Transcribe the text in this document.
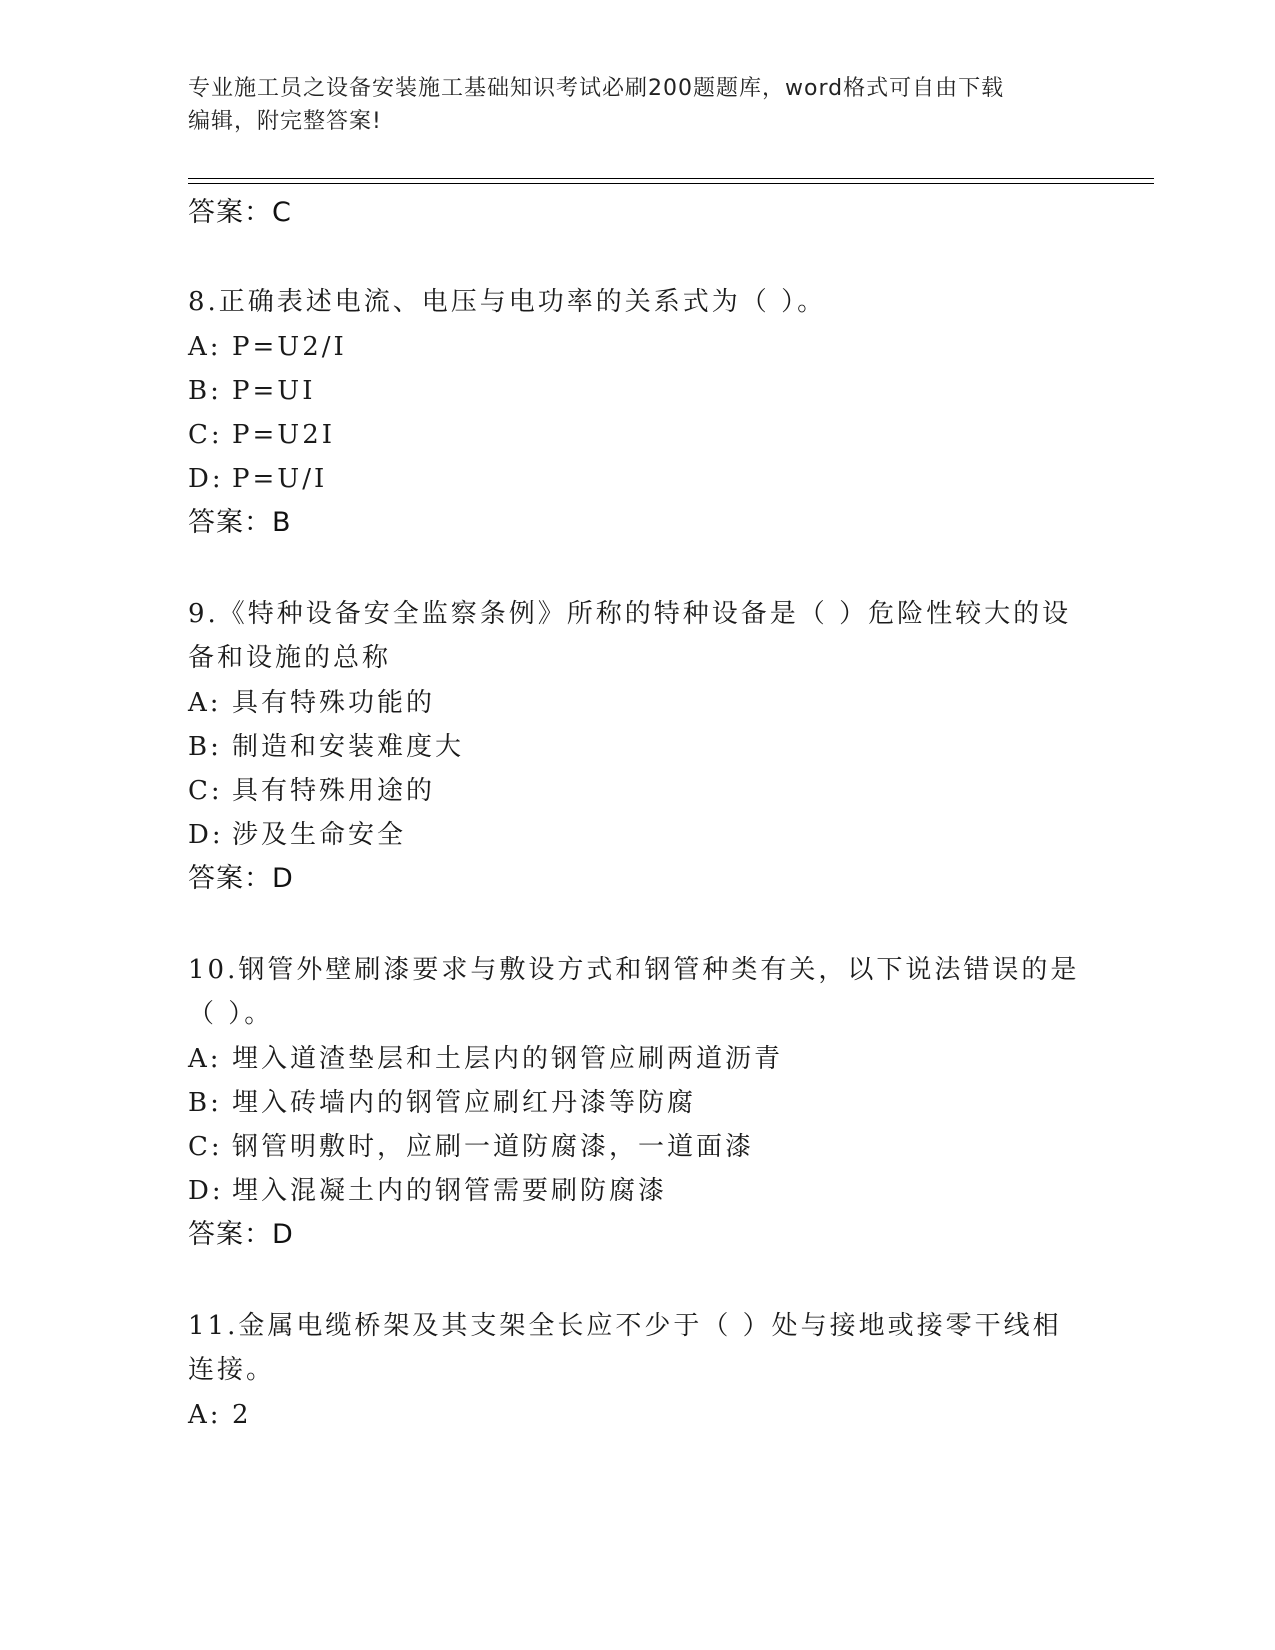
专业施工员之设备安装施工基础知识考试必刷200题题库，word格式可自由下载
编辑，附完整答案!
答案：C
8.正确表述电流、电压与电功率的关系式为（ ）。
A: P=U2/I
B: P=UI
C: P=U2I
D: P=U/I
答案：B
9.《特种设备安全监察条例》所称的特种设备是（ ）危险性较大的设
备和设施的总称
A: 具有特殊功能的
B: 制造和安装难度大
C: 具有特殊用途的
D: 涉及生命安全
答案：D
10.钢管外壁刷漆要求与敷设方式和钢管种类有关，以下说法错误的是
（ ）。
A: 埋入道渣垫层和土层内的钢管应刷两道沥青
B: 埋入砖墙内的钢管应刷红丹漆等防腐
C: 钢管明敷时，应刷一道防腐漆，一道面漆
D: 埋入混凝土内的钢管需要刷防腐漆
答案：D
11.金属电缆桥架及其支架全长应不少于（ ）处与接地或接零干线相
连接。
A: 2
